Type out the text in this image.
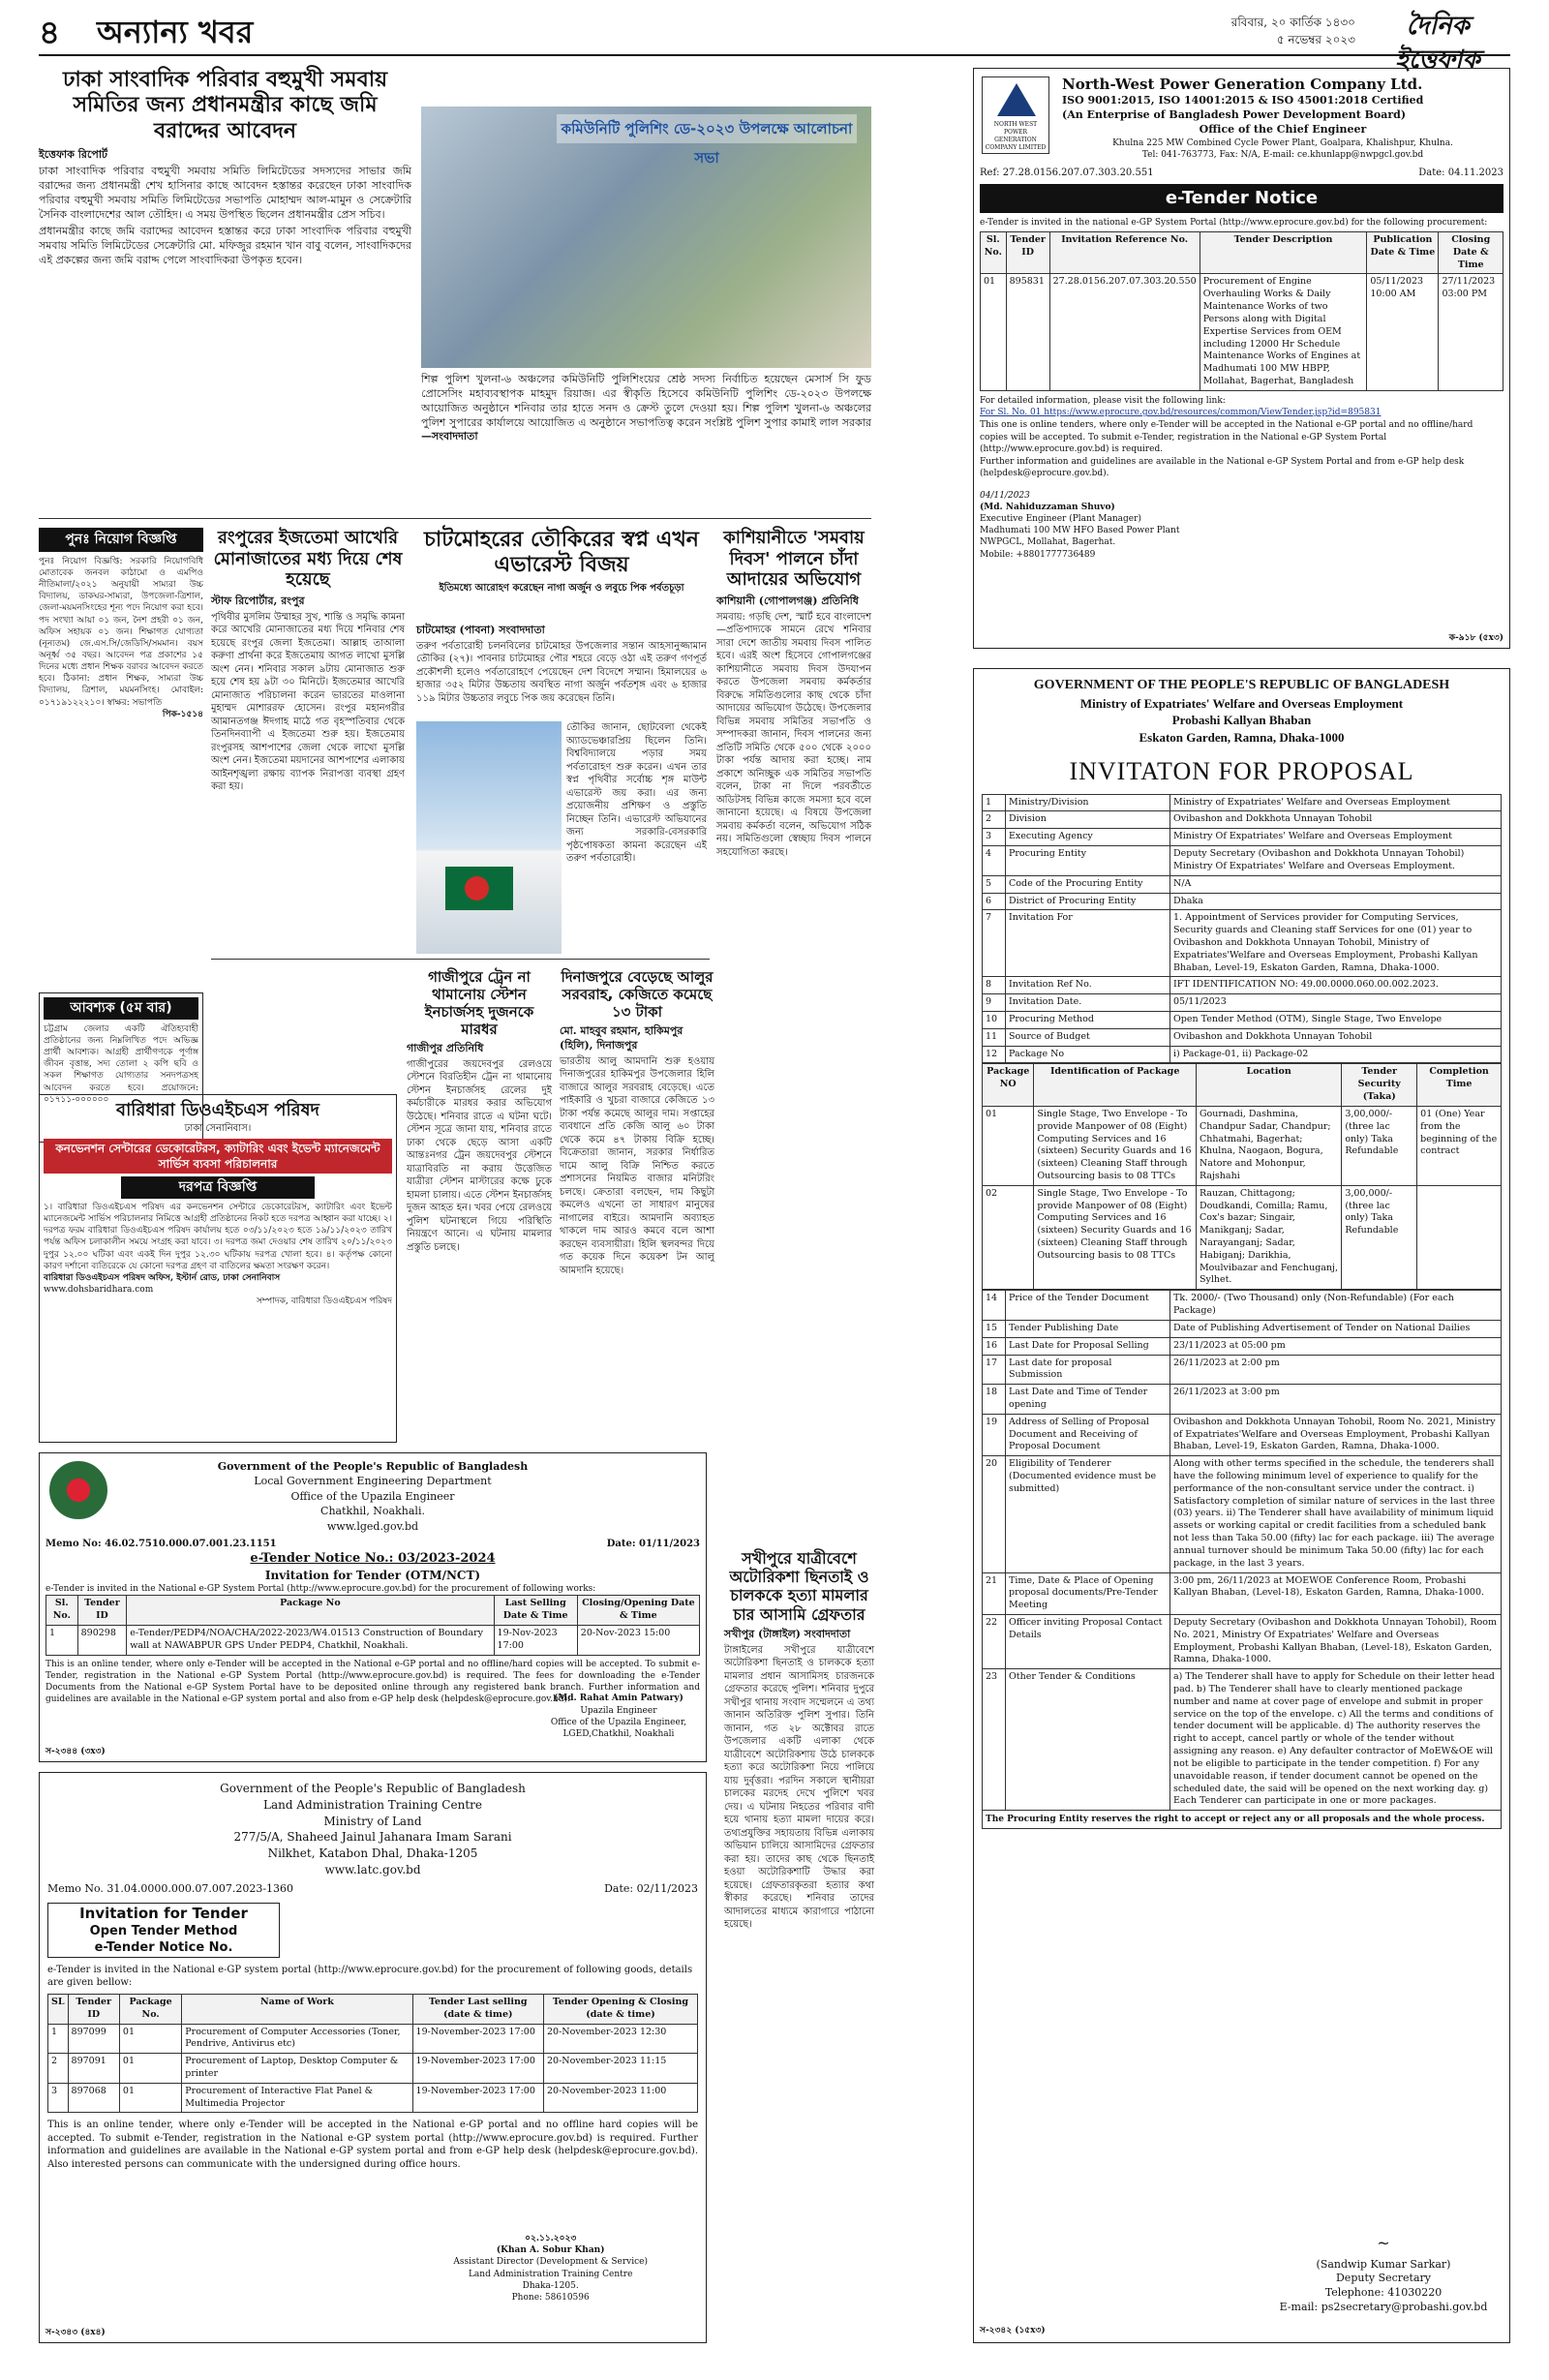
৪ অন্যান্য খবর	রবিবার, ২০ কার্তিক ১৪৩০
৫ নভেম্বর ২০২৩	দৈনিক ইত্তেফাক
ঢাকা সাংবাদিক পরিবার বহুমুখী সমবায় সমিতির জন্য প্রধানমন্ত্রীর কাছে জমি বরাদ্দের আবেদন
ইত্তেফাক রিপোর্ট

ঢাকা সাংবাদিক পরিবার বহুমুখী সমবায় সমিতি লিমিটেডের সদস্যদের সাভার জমি বরাদ্দের জন্য প্রধানমন্ত্রী শেখ হাসিনার কাছে আবেদন হস্তান্তর করেছেন ঢাকা সাংবাদিক পরিবার বহুমুখী সমবায় সমিতি লিমিটেডের সভাপতি মোহাম্মদ আল-মামুন ও সেক্রেটারি সৈনিক বাংলাদেশের আল তৌহিদ। এ সময় উপস্থিত ছিলেন প্রধানমন্ত্রীর প্রেস সচিব।

প্রধানমন্ত্রীর কাছে জমি বরাদ্দের আবেদন হস্তান্তর করে ঢাকা সাংবাদিক পরিবার বহুমুখী সমবায় সমিতি লিমিটেডের সেক্রেটারি মো. মফিজুর রহমান খান বাবু বলেন, সাংবাদিকদের এই প্রকল্পের জন্য জমি বরাদ্দ পেলে সাংবাদিকরা উপকৃত হবেন।

কমিউনিটি পুলিশিং ডে-২০২৩ উপলক্ষে আলোচনা সভা
শিল্প পুলিশ খুলনা-৬ অঞ্চলের কমিউনিটি পুলিশিংয়ের শ্রেষ্ঠ সদস্য নির্বাচিত হয়েছেন মেসার্স সি ফুড প্রোসেসিং মহাব্যবস্থাপক মাহমুদ রিয়াজ। এর স্বীকৃতি হিসেবে কমিউনিটি পুলিশিং ডে-২০২৩ উপলক্ষে আয়োজিত অনুষ্ঠানে শনিবার তার হাতে সনদ ও ক্রেস্ট তুলে দেওয়া হয়। শিল্প পুলিশ খুলনা-৬ অঞ্চলের পুলিশ সুপারের কার্যালয়ে আয়োজিত এ অনুষ্ঠানে সভাপতিত্ব করেন সংশ্লিষ্ট পুলিশ সুপার কামাই লাল সরকার —সংবাদদাতা
পুনঃ নিয়োগ বিজ্ঞপ্তি

পুনঃ নিয়োগ বিজ্ঞপ্তি: সরকারি নিয়োগবিধি মোতাবেক জনবল কাঠামো ও এমপিও নীতিমালা/২০২১ অনুযায়ী সাম্যরা উচ্চ বিদ্যালয়, ডাকঘর-সাম্যরা, উপজেলা-ত্রিশাল, জেলা-ময়মনসিংহের শূন্য পদে নিয়োগ করা হবে। পদ সংখ্যা আয়া ০১ জন, নৈশ প্রহরী ০১ জন, অফিস সহায়ক ০১ জন। শিক্ষাগত যোগ্যতা (নূন্যতম) জে.এস.সি/জেডিসি/সমমান। বয়স অনূর্ধ্ব ৩৫ বছর। আবেদন পত্র প্রকাশের ১৫ দিনের মধ্যে প্রধান শিক্ষক বরাবর আবেদন করতে হবে। ঠিকানা: প্রধান শিক্ষক, সাম্যরা উচ্চ বিদ্যালয়, ত্রিশাল, ময়মনসিংহ। মোবাইল: ০১৭১৯১২২২১০। স্বাক্ষর: সভাপতি

পিক-১৫১৪

আবশ্যক (৫ম বার)

চট্টগ্রাম জেলার একটি ঐতিহ্যবাহী প্রতিষ্ঠানের জন্য নিম্নলিখিত পদে অভিজ্ঞ প্রার্থী আবশ্যক। আগ্রহী প্রার্থীগণকে পূর্ণাঙ্গ জীবন বৃত্তান্ত, সদ্য তোলা ২ কপি ছবি ও সকল শিক্ষাগত যোগ্যতার সনদপত্রসহ আবেদন করতে হবে। প্রয়োজনে: ০১৭১১-০০০০০০

রংপুরের ইজতেমা আখেরি মোনাজাতের মধ্য দিয়ে শেষ হয়েছে
স্টাফ রিপোর্টার, রংপুর

পৃথিবীর মুসলিম উম্মাহর সুখ, শান্তি ও সমৃদ্ধি কামনা করে আখেরি মোনাজাতের মধ্য দিয়ে শনিবার শেষ হয়েছে রংপুর জেলা ইজতেমা। আল্লাহ তাআলা করুণা প্রার্থনা করে ইজতেমায় আগত লাখো মুসল্লি অংশ নেন। শনিবার সকাল ৯টায় মোনাজাত শুরু হয়ে শেষ হয় ৯টা ৩০ মিনিটে। ইজতেমার আখেরি মোনাজাত পরিচালনা করেন ভারতের মাওলানা মুহাম্মদ মোশাররফ হোসেন। রংপুর মহানগরীর আমানতগঞ্জ ঈদগাহ মাঠে গত বৃহস্পতিবার থেকে তিনদিনব্যাপী এ ইজতেমা শুরু হয়। ইজতেমায় রংপুরসহ আশপাশের জেলা থেকে লাখো মুসল্লি অংশ নেন। ইজতেমা ময়দানের আশপাশের এলাকায় আইনশৃঙ্খলা রক্ষায় ব্যাপক নিরাপত্তা ব্যবস্থা গ্রহণ করা হয়।

চাটমোহরের তৌকিরের স্বপ্ন এখন এভারেস্ট বিজয়
ইতিমধ্যে আরোহণ করেছেন নাগা অর্জুন ও লবুচে পিক পর্বতচূড়া
চাটমোহর (পাবনা) সংবাদদাতা

তরুণ পর্বতারোহী চলনবিলের চাটমোহর উপজেলার সন্তান আহসানুজ্জামান তৌকির (২৭)। পাবনার চাটমোহর পৌর শহরে বেড়ে ওঠা এই তরুণ গণপূর্ত প্রকৌশলী হলেও পর্বতারোহণে পেয়েছেন দেশ বিদেশে সম্মান। হিমালয়ের ৬ হাজার ৩৫২ মিটার উচ্চতায় অবস্থিত নাগা অর্জুন পর্বতশৃঙ্গ এবং ৬ হাজার ১১৯ মিটার উচ্চতার লবুচে পিক জয় করেছেন তিনি।

তৌকির জানান, ছোটবেলা থেকেই অ্যাডভেঞ্চারপ্রিয় ছিলেন তিনি। বিশ্ববিদ্যালয়ে পড়ার সময় পর্বতারোহণ শুরু করেন। এখন তার স্বপ্ন পৃথিবীর সর্বোচ্চ শৃঙ্গ মাউন্ট এভারেস্ট জয় করা। এর জন্য প্রয়োজনীয় প্রশিক্ষণ ও প্রস্তুতি নিচ্ছেন তিনি। এভারেস্ট অভিযানের জন্য সরকারি-বেসরকারি পৃষ্ঠপোষকতা কামনা করেছেন এই তরুণ পর্বতারোহী।

কাশিয়ানীতে 'সমবায় দিবস' পালনে চাঁদা আদায়ের অভিযোগ
কাশিয়ানী (গোপালগঞ্জ) প্রতিনিধি

সমবায়: গড়ছি দেশ, স্মার্ট হবে বাংলাদেশ—প্রতিপাদ্যকে সামনে রেখে শনিবার সারা দেশে জাতীয় সমবায় দিবস পালিত হবে। এরই অংশ হিসেবে গোপালগঞ্জের কাশিয়ানীতে সমবায় দিবস উদযাপন করতে উপজেলা সমবায় কর্মকর্তার বিরুদ্ধে সমিতিগুলোর কাছ থেকে চাঁদা আদায়ের অভিযোগ উঠেছে। উপজেলার বিভিন্ন সমবায় সমিতির সভাপতি ও সম্পাদকরা জানান, দিবস পালনের জন্য প্রতিটি সমিতি থেকে ৫০০ থেকে ২০০০ টাকা পর্যন্ত আদায় করা হচ্ছে। নাম প্রকাশে অনিচ্ছুক এক সমিতির সভাপতি বলেন, টাকা না দিলে পরবর্তীতে অডিটসহ বিভিন্ন কাজে সমস্যা হবে বলে জানানো হয়েছে। এ বিষয়ে উপজেলা সমবায় কর্মকর্তা বলেন, অভিযোগ সঠিক নয়। সমিতিগুলো স্বেচ্ছায় দিবস পালনে সহযোগিতা করছে।

বারিধারা ডিওএইচএস পরিষদ
ঢাকা সেনানিবাস।
কনভেনশন সেন্টারের ডেকোরেটরস, ক্যাটারিং এবং ইভেন্ট ম্যানেজমেন্ট সার্ভিস ব্যবসা পরিচালনার
দরপত্র বিজ্ঞপ্তি

১। বারিধারা ডিওএইচএস পরিষদ এর কনভেনশন সেন্টারে ডেকোরেটরস, ক্যাটারিং এবং ইভেন্ট ম্যানেজমেন্ট সার্ভিস পরিচালনার নিমিত্তে আগ্রহী প্রতিষ্ঠানের নিকট হতে দরপত্র আহ্বান করা যাচ্ছে। ২। দরপত্র ফরম বারিধারা ডিওএইচএস পরিষদ কার্যালয় হতে ০৩/১১/২০২৩ হতে ১৯/১১/২০২৩ তারিখ পর্যন্ত অফিস চলাকালীন সময়ে সংগ্রহ করা যাবে। ৩। দরপত্র জমা দেওয়ার শেষ তারিখ ২০/১১/২০২৩ দুপুর ১২.০০ ঘটিকা এবং একই দিন দুপুর ১২.৩০ ঘটিকায় দরপত্র খোলা হবে। ৪। কর্তৃপক্ষ কোনো কারণ দর্শানো ব্যতিরেকে যে কোনো দরপত্র গ্রহণ বা বাতিলের ক্ষমতা সংরক্ষণ করেন।

বারিধারা ডিওএইচএস পরিষদ অফিস, ইস্টার্ন রোড, ঢাকা সেনানিবাস

www.dohsbaridhara.com

সম্পাদক, বারিধারা ডিওএইচএস পরিষদ

গাজীপুরে ট্রেন না থামানোয় স্টেশন ইনচার্জসহ দুজনকে মারধর
গাজীপুর প্রতিনিধি

গাজীপুরের জয়দেবপুর রেলওয়ে স্টেশনে বিরতিহীন ট্রেন না থামানোয় স্টেশন ইনচার্জসহ রেলের দুই কর্মচারীকে মারধর করার অভিযোগ উঠেছে। শনিবার রাতে এ ঘটনা ঘটে। স্টেশন সূত্রে জানা যায়, শনিবার রাতে ঢাকা থেকে ছেড়ে আসা একটি আন্তঃনগর ট্রেন জয়দেবপুর স্টেশনে যাত্রাবিরতি না করায় উত্তেজিত যাত্রীরা স্টেশন মাস্টারের কক্ষে ঢুকে হামলা চালায়। এতে স্টেশন ইনচার্জসহ দুজন আহত হন। খবর পেয়ে রেলওয়ে পুলিশ ঘটনাস্থলে গিয়ে পরিস্থিতি নিয়ন্ত্রণে আনে। এ ঘটনায় মামলার প্রস্তুতি চলছে।

দিনাজপুরে বেড়েছে আলুর সরবরাহ, কেজিতে কমেছে ১৩ টাকা
মো. মাহবুব রহমান, হাকিমপুর (হিলি), দিনাজপুর

ভারতীয় আলু আমদানি শুরু হওয়ায় দিনাজপুরের হাকিমপুর উপজেলার হিলি বাজারে আলুর সরবরাহ বেড়েছে। এতে পাইকারি ও খুচরা বাজারে কেজিতে ১৩ টাকা পর্যন্ত কমেছে আলুর দাম। সপ্তাহের ব্যবধানে প্রতি কেজি আলু ৬০ টাকা থেকে কমে ৪৭ টাকায় বিক্রি হচ্ছে। বিক্রেতারা জানান, সরকার নির্ধারিত দামে আলু বিক্রি নিশ্চিত করতে প্রশাসনের নিয়মিত বাজার মনিটরিং চলছে। ক্রেতারা বলছেন, দাম কিছুটা কমলেও এখনো তা সাধারণ মানুষের নাগালের বাইরে। আমদানি অব্যাহত থাকলে দাম আরও কমবে বলে আশা করছেন ব্যবসায়ীরা। হিলি স্থলবন্দর দিয়ে গত কয়েক দিনে কয়েকশ টন আলু আমদানি হয়েছে।

Government of the People's Republic of Bangladesh
Local Government Engineering Department
Office of the Upazila Engineer
Chatkhil, Noakhali.
www.lged.gov.bd
Memo No: 46.02.7510.000.07.001.23.1151	Date: 01/11/2023
e-Tender Notice No.: 03/2023-2024
Invitation for Tender (OTM/NCT)

e-Tender is invited in the National e-GP System Portal (http://www.eprocure.gov.bd) for the procurement of following works:

Sl. No.	Tender ID	Package No	Last Selling Date & Time	Closing/Opening Date & Time
1	890298	e-Tender/PEDP4/NOA/CHA/2022-2023/W4.01513 Construction of Boundary wall at NAWABPUR GPS Under PEDP4, Chatkhil, Noakhali.	19-Nov-2023 17:00	20-Nov-2023 15:00

This is an online tender, where only e-Tender will be accepted in the National e-GP portal and no offline/hard copies will be accepted. To submit e-Tender, registration in the National e-GP System Portal (http://www.eprocure.gov.bd) is required. The fees for downloading the e-Tender Documents from the National e-GP System Portal have to be deposited online through any registered bank branch. Further information and guidelines are available in the National e-GP system portal and also from e-GP help desk (helpdesk@eprocure.gov.bd).

(Md. Rahat Amin Patwary)
Upazila Engineer
Office of the Upazila Engineer,
LGED,Chatkhil, Noakhali
স-২৩৪৪ (৩x৩)
সখীপুরে যাত্রীবেশে অটোরিকশা ছিনতাই ও চালককে হত্যা মামলার চার আসামি গ্রেফতার
সখীপুর (টাঙ্গাইল) সংবাদদাতা

টাঙ্গাইলের সখীপুরে যাত্রীবেশে অটোরিকশা ছিনতাই ও চালককে হত্যা মামলার প্রধান আসামিসহ চারজনকে গ্রেফতার করেছে পুলিশ। শনিবার দুপুরে সখীপুর থানায় সংবাদ সম্মেলনে এ তথ্য জানান অতিরিক্ত পুলিশ সুপার। তিনি জানান, গত ২৮ অক্টোবর রাতে উপজেলার একটি এলাকা থেকে যাত্রীবেশে অটোরিকশায় উঠে চালককে হত্যা করে অটোরিকশা নিয়ে পালিয়ে যায় দুর্বৃত্তরা। পরদিন সকালে স্থানীয়রা চালকের মরদেহ দেখে পুলিশে খবর দেয়। এ ঘটনায় নিহতের পরিবার বাদী হয়ে থানায় হত্যা মামলা দায়ের করে। তথ্যপ্রযুক্তির সহায়তায় বিভিন্ন এলাকায় অভিযান চালিয়ে আসামিদের গ্রেফতার করা হয়। তাদের কাছ থেকে ছিনতাই হওয়া অটোরিকশাটি উদ্ধার করা হয়েছে। গ্রেফতারকৃতরা হত্যার কথা স্বীকার করেছে। শনিবার তাদের আদালতের মাধ্যমে কারাগারে পাঠানো হয়েছে।

Government of the People's Republic of Bangladesh
Land Administration Training Centre
Ministry of Land
277/5/A, Shaheed Jainul Jahanara Imam Sarani
Nilkhet, Katabon Dhal, Dhaka-1205
www.latc.gov.bd
Memo No. 31.04.0000.000.07.007.2023-1360	Date: 02/11/2023
Invitation for Tender
Open Tender Method
e-Tender Notice No.

e-Tender is invited in the National e-GP system portal (http://www.eprocure.gov.bd) for the procurement of following goods, details are given bellow:

SL	Tender ID	Package No.	Name of Work	Tender Last selling (date & time)	Tender Opening & Closing (date & time)
1	897099	01	Procurement of Computer Accessories (Toner, Pendrive, Antivirus etc)	19-November-2023 17:00	20-November-2023 12:30
2	897091	01	Procurement of Laptop, Desktop Computer & printer	19-November-2023 17:00	20-November-2023 11:15
3	897068	01	Procurement of Interactive Flat Panel & Multimedia Projector	19-November-2023 17:00	20-November-2023 11:00

This is an online tender, where only e-Tender will be accepted in the National e-GP portal and no offline hard copies will be accepted. To submit e-Tender, registration in the National e-GP system portal (http://www.eprocure.gov.bd) is required. Further information and guidelines are available in the National e-GP system portal and from e-GP help desk (helpdesk@eprocure.gov.bd). Also interested persons can communicate with the undersigned during office hours.

০২.১১.২০২৩
(Khan A. Sobur Khan)
Assistant Director (Development & Service)
Land Administration Training Centre
Dhaka-1205.
Phone: 58610596
স-২৩৪৩ (৪x৪)
NORTH WEST POWER GENERATION COMPANY LIMITED
North-West Power Generation Company Ltd.
ISO 9001:2015, ISO 14001:2015 & ISO 45001:2018 Certified
(An Enterprise of Bangladesh Power Development Board)
Office of the Chief Engineer
Khulna 225 MW Combined Cycle Power Plant, Goalpara, Khalishpur, Khulna.
Tel: 041-763773, Fax: N/A, E-mail: ce.khunlapp@nwpgcl.gov.bd
Ref: 27.28.0156.207.07.303.20.551	Date: 04.11.2023
e-Tender Notice

e-Tender is invited in the national e-GP System Portal (http://www.eprocure.gov.bd) for the following procurement:

Sl. No.	Tender ID	Invitation Reference No.	Tender Description	Publication Date & Time	Closing Date & Time
01	895831	27.28.0156.207.07.303.20.550	Procurement of Engine Overhauling Works & Daily Maintenance Works of two Persons along with Digital Expertise Services from OEM including 12000 Hr Schedule Maintenance Works of Engines at Madhumati 100 MW HBPP, Mollahat, Bagerhat, Bangladesh	05/11/2023 10:00 AM	27/11/2023 03:00 PM

For detailed information, please visit the following link:

For Sl. No. 01 https://www.eprocure.gov.bd/resources/common/ViewTender.jsp?id=895831

This one is online tenders, where only e-Tender will be accepted in the National e-GP portal and no offline/hard copies will be accepted. To submit e-Tender, registration in the National e-GP System Portal (http://www.eprocure.gov.bd) is required.

Further information and guidelines are available in the National e-GP System Portal and from e-GP help desk (helpdesk@eprocure.gov.bd).

04/11/2023
(Md. Nahiduzzaman Shuvo)
Executive Engineer (Plant Manager)
Madhumati 100 MW HFO Based Power Plant
NWPGCL, Mollahat, Bagerhat.
Mobile: +8801777736489
ক-৯১৮ (৫x৩)
GOVERNMENT OF THE PEOPLE'S REPUBLIC OF BANGLADESH
Ministry of Expatriates' Welfare and Overseas Employment
Probashi Kallyan Bhaban
Eskaton Garden, Ramna, Dhaka-1000
INVITATON FOR PROPOSAL
1	Ministry/Division	Ministry of Expatriates' Welfare and Overseas Employment
2	Division	Ovibashon and Dokkhota Unnayan Tohobil
3	Executing Agency	Ministry Of Expatriates' Welfare and Overseas Employment
4	Procuring Entity	Deputy Secretary (Ovibashon and Dokkhota Unnayan Tohobil) Ministry Of Expatriates' Welfare and Overseas Employment.
5	Code of the Procuring Entity	N/A
6	District of Procuring Entity	Dhaka
7	Invitation For	1. Appointment of Services provider for Computing Services, Security guards and Cleaning staff Services for one (01) year to Ovibashon and Dokkhota Unnayan Tohobil, Ministry of Expatriates'Welfare and Overseas Employment, Probashi Kallyan Bhaban, Level-19, Eskaton Garden, Ramna, Dhaka-1000.
8	Invitation Ref No.	IFT IDENTIFICATION NO: 49.00.0000.060.00.002.2023.
9	Invitation Date.	05/11/2023
10	Procuring Method	Open Tender Method (OTM), Single Stage, Two Envelope
11	Source of Budget	Ovibashon and Dokkhota Unnayan Tohobil
12	Package No	i) Package-01, ii) Package-02
Package NO	Identification of Package	Location	Tender Security (Taka)	Completion Time
01	Single Stage, Two Envelope - To provide Manpower of 08 (Eight) Computing Services and 16 (sixteen) Security Guards and 16 (sixteen) Cleaning Staff through Outsourcing basis to 08 TTCs	Gournadi, Dashmina, Chandpur Sadar, Chandpur; Chhatmahi, Bagerhat; Khulna, Naogaon, Bogura, Natore and Mohonpur, Rajshahi	3,00,000/-(three lac only) Taka Refundable	01 (One) Year from the beginning of the contract
02	Single Stage, Two Envelope - To provide Manpower of 08 (Eight) Computing Services and 16 (sixteen) Security Guards and 16 (sixteen) Cleaning Staff through Outsourcing basis to 08 TTCs	Rauzan, Chittagong; Doudkandi, Comilla; Ramu, Cox's bazar; Singair, Manikganj; Sadar, Narayanganj; Sadar, Habiganj; Darikhia, Moulvibazar and Fenchuganj, Sylhet.	3,00,000/-(three lac only) Taka Refundable	
14	Price of the Tender Document	Tk. 2000/- (Two Thousand) only (Non-Refundable) (For each Package)
15	Tender Publishing Date	Date of Publishing Advertisement of Tender on National Dailies
16	Last Date for Proposal Selling	23/11/2023 at 05:00 pm
17	Last date for proposal Submission	26/11/2023 at 2:00 pm
18	Last Date and Time of Tender opening	26/11/2023 at 3:00 pm
19	Address of Selling of Proposal Document and Receiving of Proposal Document	Ovibashon and Dokkhota Unnayan Tohobil, Room No. 2021, Ministry of Expatriates'Welfare and Overseas Employment, Probashi Kallyan Bhaban, Level-19, Eskaton Garden, Ramna, Dhaka-1000.
20	Eligibility of Tenderer (Documented evidence must be submitted)	Along with other terms specified in the schedule, the tenderers shall have the following minimum level of experience to qualify for the performance of the non-consultant service under the contract. i) Satisfactory completion of similar nature of services in the last three (03) years. ii) The Tenderer shall have availability of minimum liquid assets or working capital or credit facilities from a scheduled bank not less than Taka 50.00 (fifty) lac for each package. iii) The average annual turnover should be minimum Taka 50.00 (fifty) lac for each package, in the last 3 years.
21	Time, Date & Place of Opening proposal documents/Pre-Tender Meeting	3:00 pm, 26/11/2023 at MOEWOE Conference Room, Probashi Kallyan Bhaban, (Level-18), Eskaton Garden, Ramna, Dhaka-1000.
22	Officer inviting Proposal Contact Details	Deputy Secretary (Ovibashon and Dokkhota Unnayan Tohobil), Room No. 2021, Ministry Of Expatriates' Welfare and Overseas Employment, Probashi Kallyan Bhaban, (Level-18), Eskaton Garden, Ramna, Dhaka-1000.
23	Other Tender & Conditions	a) The Tenderer shall have to apply for Schedule on their letter head pad. b) The Tenderer shall have to clearly mentioned package number and name at cover page of envelope and submit in proper service on the top of the envelope. c) All the terms and conditions of tender document will be applicable. d) The authority reserves the right to accept, cancel partly or whole of the tender without assigning any reason. e) Any defaulter contractor of MoEW&OE will not be eligible to participate in the tender competition. f) For any unavoidable reason, if tender document cannot be opened on the scheduled date, the said will be opened on the next working day. g) Each Tenderer can participate in one or more packages.
The Procuring Entity reserves the right to accept or reject any or all proposals and the whole process.
~
(Sandwip Kumar Sarkar)
Deputy Secretary
Telephone: 41030220
E-mail: ps2secretary@probashi.gov.bd
স-২৩৪২ (১৫x৩)
